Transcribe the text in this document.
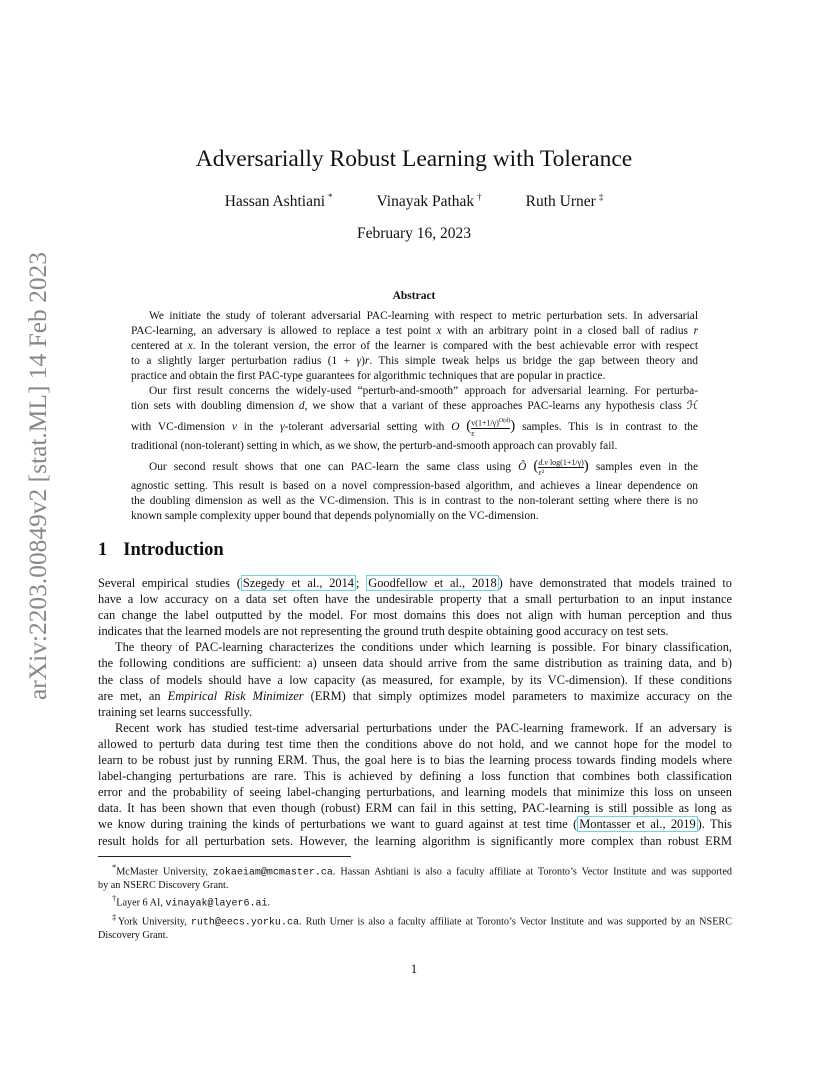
arXiv:2203.00849v2 [stat.ML] 14 Feb 2023
Adversarially Robust Learning with Tolerance
Hassan Ashtiani *	Vinayak Pathak †	Ruth Urner ‡
February 16, 2023
Abstract
We initiate the study of tolerant adversarial PAC-learning with respect to metric perturbation sets. In adversarial
PAC-learning, an adversary is allowed to replace a test point x with an arbitrary point in a closed ball of radius r
centered at x. In the tolerant version, the error of the learner is compared with the best achievable error with respect
to a slightly larger perturbation radius (1 + γ)r. This simple tweak helps us bridge the gap between theory and
practice and obtain the first PAC-type guarantees for algorithmic techniques that are popular in practice.
Our first result concerns the widely-used “perturb-and-smooth” approach for adversarial learning. For perturba-
tion sets with doubling dimension d, we show that a variant of these approaches PAC-learns any hypothesis class ℋ
with VC-dimension v in the γ-tolerant adversarial setting with O ( $\frac{v(1+1/\gamma)^{O(d)}}{\varepsilon}$ ) samples. This is in contrast to the
traditional (non-tolerant) setting in which, as we show, the perturb-and-smooth approach can provably fail.
Our second result shows that one can PAC-learn the same class using Õ ( $\frac{\text{d.v log(1+1/γ)}}{\text{ε²}}$ ) samples even in the
agnostic setting. This result is based on a novel compression-based algorithm, and achieves a linear dependence on
the doubling dimension as well as the VC-dimension. This is in contrast to the non-tolerant setting where there is no
known sample complexity upper bound that depends polynomially on the VC-dimension.
1 Introduction
Several empirical studies ( Szegedy et al., 2014 ; Goodfellow et al., 2018 ) have demonstrated that models trained to
have a low accuracy on a data set often have the undesirable property that a small perturbation to an input instance
can change the label outputted by the model. For most domains this does not align with human perception and thus
indicates that the learned models are not representing the ground truth despite obtaining good accuracy on test sets.
The theory of PAC-learning characterizes the conditions under which learning is possible. For binary classification,
the following conditions are sufficient: a) unseen data should arrive from the same distribution as training data, and b)
the class of models should have a low capacity (as measured, for example, by its VC-dimension). If these conditions
are met, an Empirical Risk Minimizer (ERM) that simply optimizes model parameters to maximize accuracy on the
training set learns successfully.
Recent work has studied test-time adversarial perturbations under the PAC-learning framework. If an adversary is
allowed to perturb data during test time then the conditions above do not hold, and we cannot hope for the model to
learn to be robust just by running ERM. Thus, the goal here is to bias the learning process towards finding models where
label-changing perturbations are rare. This is achieved by defining a loss function that combines both classification
error and the probability of seeing label-changing perturbations, and learning models that minimize this loss on unseen
data. It has been shown that even though (robust) ERM can fail in this setting, PAC-learning is still possible as long as
we know during training the kinds of perturbations we want to guard against at test time ( Montasser et al., 2019 ). This
result holds for all perturbation sets. However, the learning algorithm is significantly more complex than robust ERM
*McMaster University, zokaeiam@mcmaster.ca. Hassan Ashtiani is also a faculty affiliate at Toronto’s Vector Institute and was supported
by an NSERC Discovery Grant.
†Layer 6 AI, vinayak@layer6.ai.
‡York University, ruth@eecs.yorku.ca. Ruth Urner is also a faculty affiliate at Toronto’s Vector Institute and was supported by an NSERC
Discovery Grant.
1
